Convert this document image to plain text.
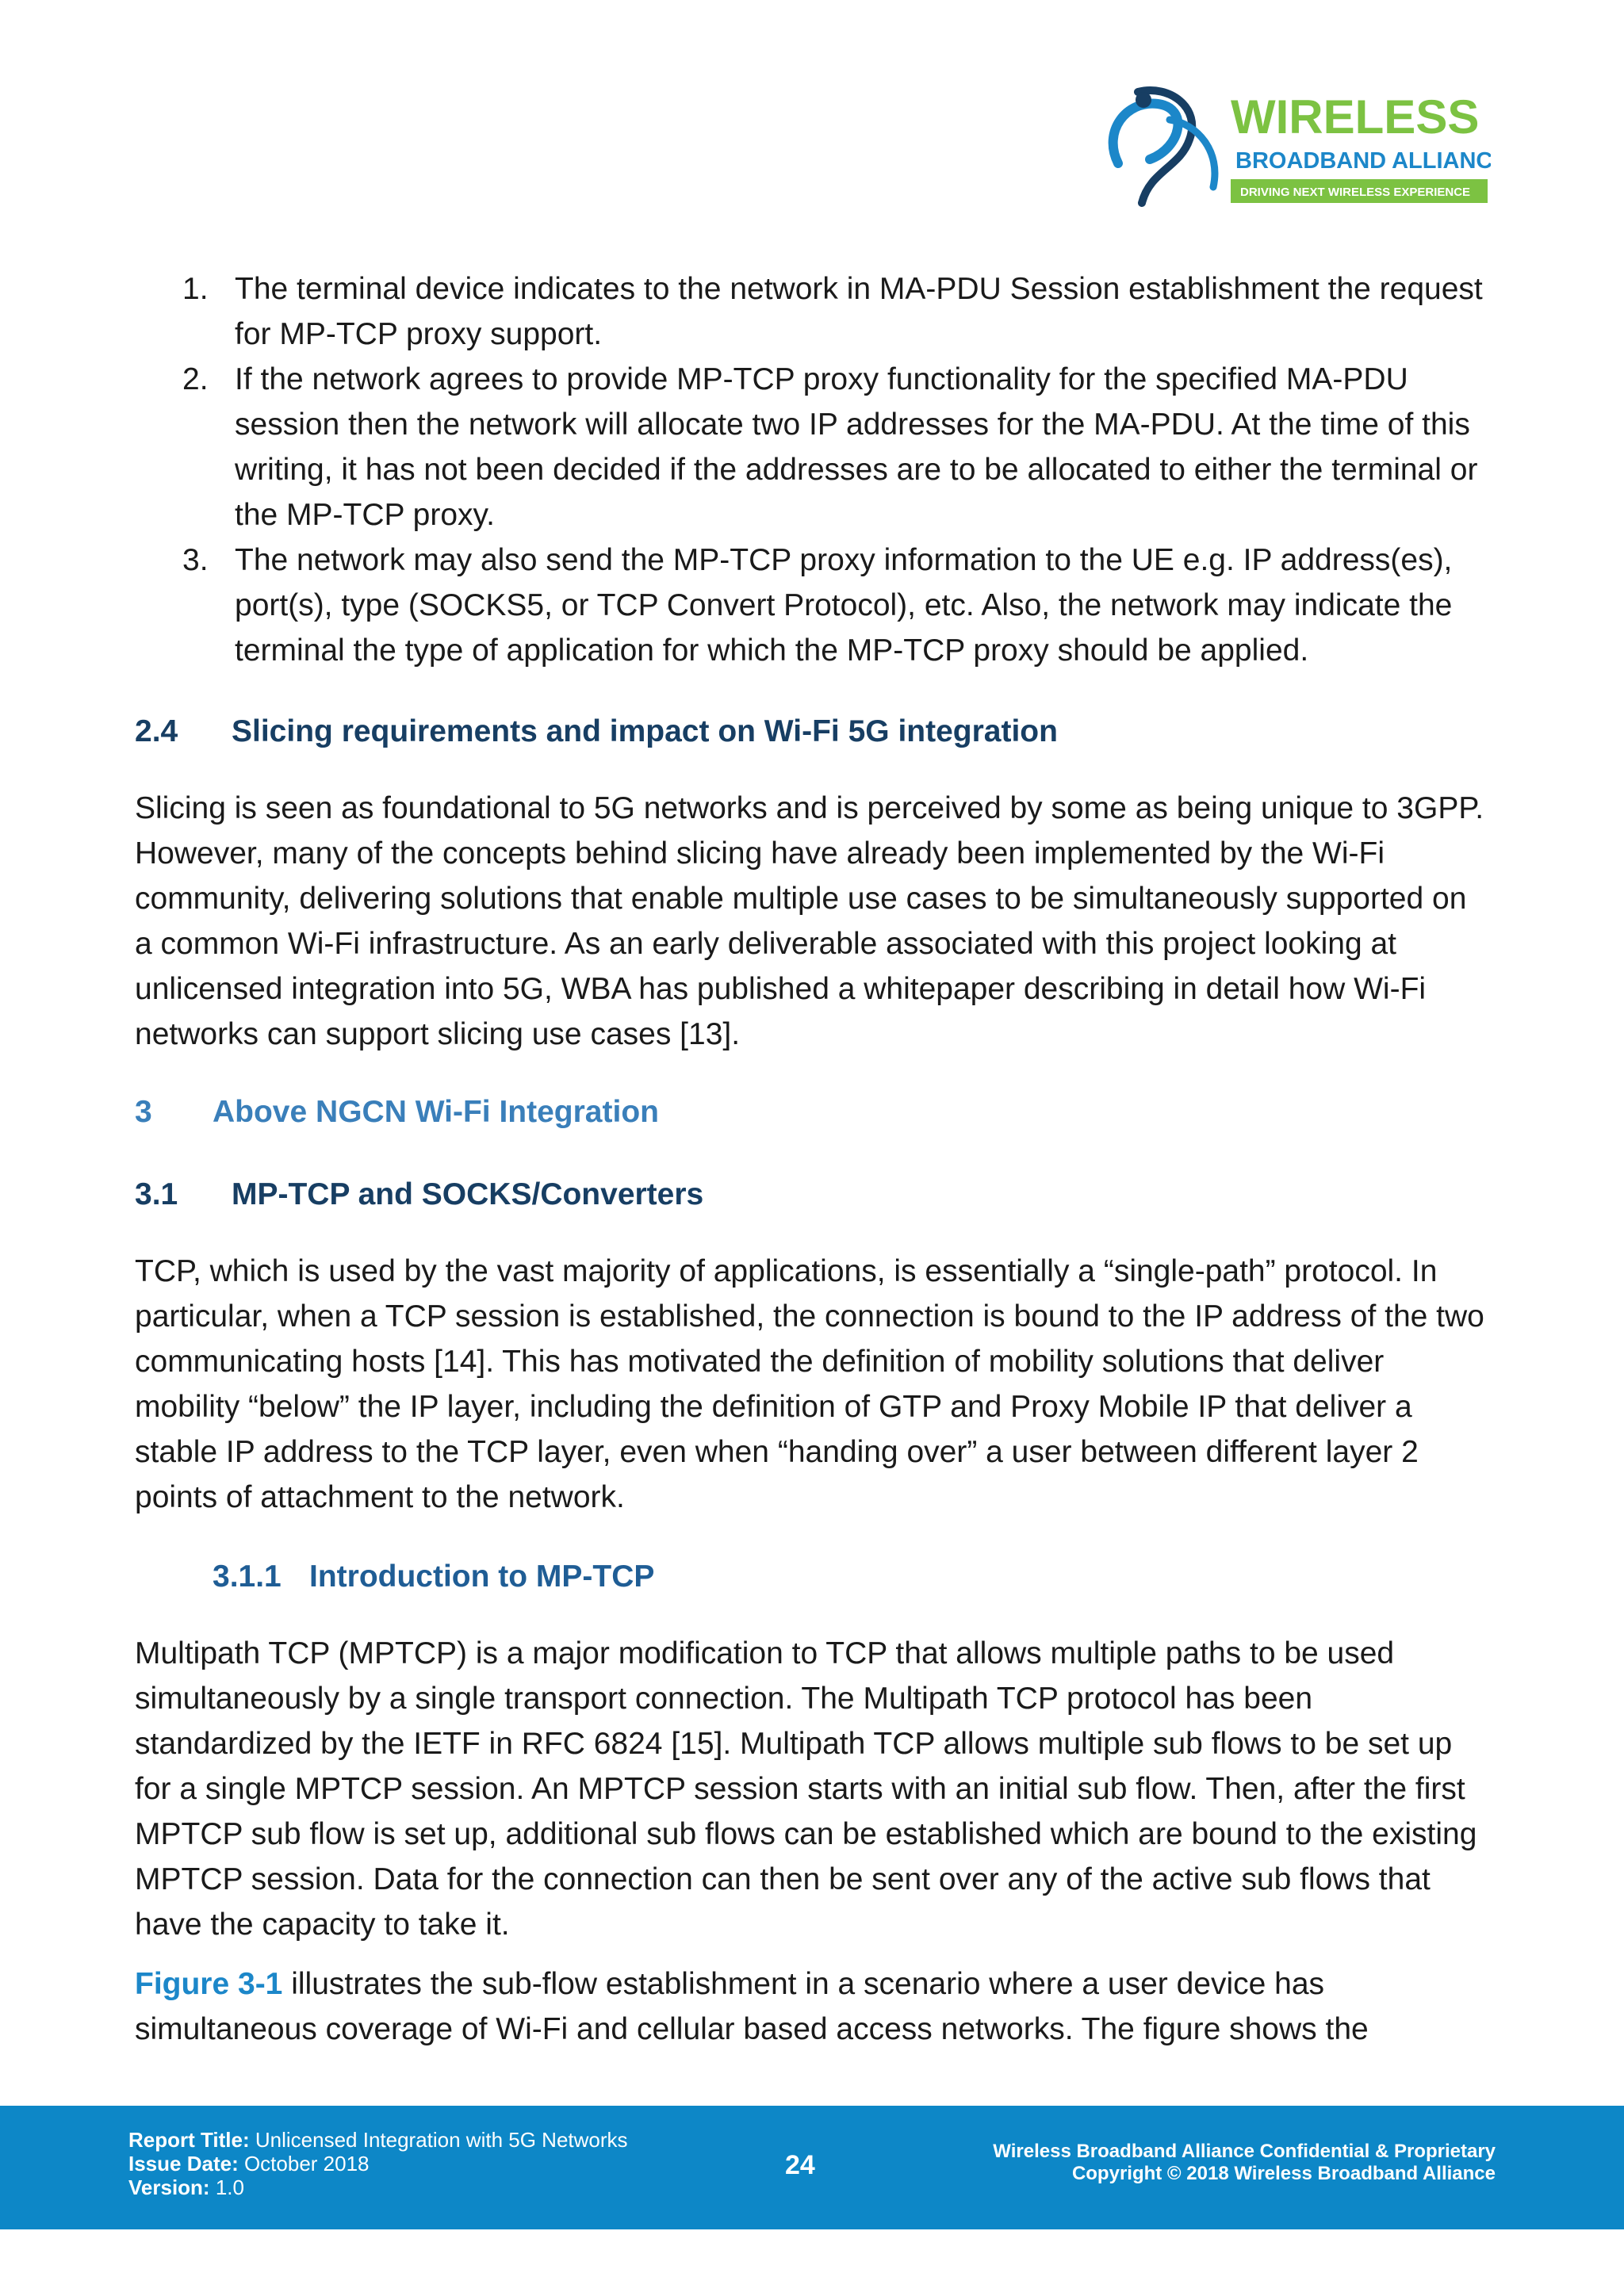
WIRELESS
BROADBAND ALLIANCE
DRIVING NEXT WIRELESS EXPERIENCE
1. The terminal device indicates to the network in MA-PDU Session establishment the request for MP-TCP proxy support.
2. If the network agrees to provide MP-TCP proxy functionality for the specified MA-PDU session then the network will allocate two IP addresses for the MA-PDU. At the time of this writing, it has not been decided if the addresses are to be allocated to either the terminal or the MP-TCP proxy.
3. The network may also send the MP-TCP proxy information to the UE e.g. IP address(es), port(s), type (SOCKS5, or TCP Convert Protocol), etc. Also, the network may indicate the terminal the type of application for which the MP-TCP proxy should be applied.
2.4	Slicing requirements and impact on Wi-Fi 5G integration

Slicing is seen as foundational to 5G networks and is perceived by some as being unique to 3GPP. However, many of the concepts behind slicing have already been implemented by the Wi-Fi community, delivering solutions that enable multiple use cases to be simultaneously supported on a common Wi-Fi infrastructure. As an early deliverable associated with this project looking at unlicensed integration into 5G, WBA has published a whitepaper describing in detail how Wi-Fi networks can support slicing use cases [13].

3	Above NGCN Wi-Fi Integration
3.1	MP-TCP and SOCKS/Converters

TCP, which is used by the vast majority of applications, is essentially a “single-path” protocol. In particular, when a TCP session is established, the connection is bound to the IP address of the two communicating hosts [14]. This has motivated the definition of mobility solutions that deliver mobility “below” the IP layer, including the definition of GTP and Proxy Mobile IP that deliver a stable IP address to the TCP layer, even when “handing over” a user between different layer 2 points of attachment to the network.

3.1.1 Introduction to MP-TCP

Multipath TCP (MPTCP) is a major modification to TCP that allows multiple paths to be used simultaneously by a single transport connection. The Multipath TCP protocol has been standardized by the IETF in RFC 6824 [15]. Multipath TCP allows multiple sub flows to be set up for a single MPTCP session. An MPTCP session starts with an initial sub flow. Then, after the first MPTCP sub flow is set up, additional sub flows can be established which are bound to the existing MPTCP session. Data for the connection can then be sent over any of the active sub flows that have the capacity to take it.

Figure 3-1 illustrates the sub-flow establishment in a scenario where a user device has simultaneous coverage of Wi-Fi and cellular based access networks. The figure shows the

Report Title: Unlicensed Integration with 5G Networks
Issue Date: October 2018
Version: 1.0
24	Wireless Broadband Alliance Confidential & Proprietary
Copyright © 2018 Wireless Broadband Alliance
